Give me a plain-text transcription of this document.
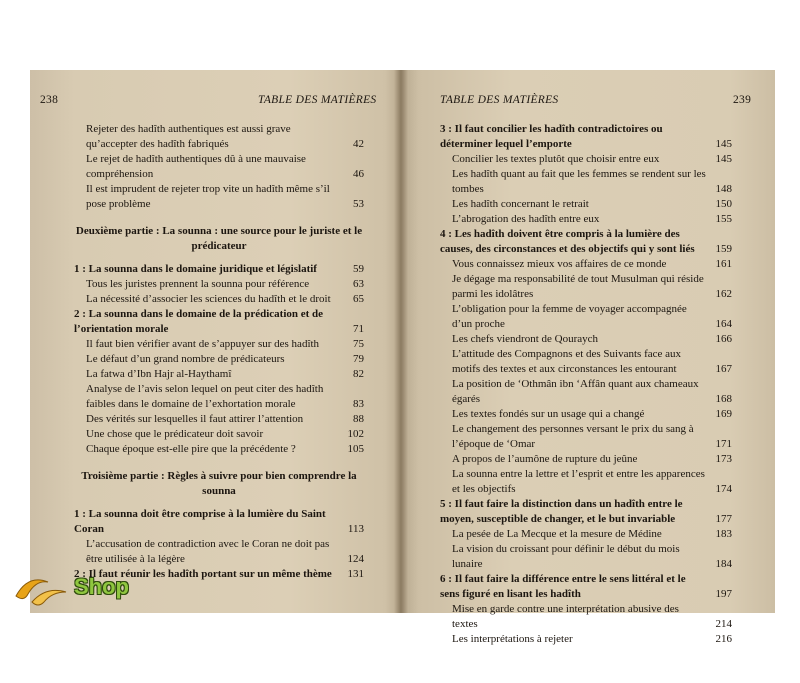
238	TABLE DES MATIÈRES
Rejeter des hadîth authentiques est aussi grave qu’accepter des hadîth fabriqués	42
Le rejet de hadîth authentiques dû à une mauvaise compréhension	46
Il est imprudent de rejeter trop vite un hadîth même s’il pose problème	53
Deuxième partie : La sounna : une source pour le juriste et le prédicateur
1 : La sounna dans le domaine juridique et législatif	59
Tous les juristes prennent la sounna pour référence	63
La nécessité d’associer les sciences du hadîth et le droit 65
2 : La sounna dans le domaine de la prédication et de l’orientation morale	71
Il faut bien vérifier avant de s’appuyer sur des hadîth	75
Le défaut d’un grand nombre de prédicateurs	79
La fatwa d’Ibn Hajr al-Haythamî	82
Analyse de l’avis selon lequel on peut citer des hadîth faibles dans le domaine de l’exhortation morale	83
Des vérités sur lesquelles il faut attirer l’attention	88
Une chose que le prédicateur doit savoir	102
Chaque époque est-elle pire que la précédente ?	105
Troisième partie : Règles à suivre pour bien comprendre la sounna
1 : La sounna doit être comprise à la lumière du Saint Coran	113
L’accusation de contradiction avec le Coran ne doit pas être utilisée à la légère	124
2 : Il faut réunir les hadîth portant sur un même thème 131
TABLE DES MATIÈRES	239
3 : Il faut concilier les hadîth contradictoires ou déterminer lequel l’emporte	145
Concilier les textes plutôt que choisir entre eux	145
Les hadîth quant au fait que les femmes se rendent sur les tombes	148
Les hadîth concernant le retrait	150
L’abrogation des hadîth entre eux	155
4 : Les hadîth doivent être compris à la lumière des causes, des circonstances et des objectifs qui y sont liés 159
Vous connaissez mieux vos affaires de ce monde	161
Je dégage ma responsabilité de tout Musulman qui réside parmi les idolâtres	162
L’obligation pour la femme de voyager accompagnée d’un proche	164
Les chefs viendront de Qouraych	166
L’attitude des Compagnons et des Suivants face aux motifs des textes et aux circonstances les entourant	167
La position de ‘Othmân ibn ‘Affân quant aux chameaux égarés	168
Les textes fondés sur un usage qui a changé	169
Le changement des personnes versant le prix du sang à l’époque de ‘Omar	171
A propos de l’aumône de rupture du jeûne	173
La sounna entre la lettre et l’esprit et entre les apparences et les objectifs	174
5 : Il faut faire la distinction dans un hadîth entre le moyen, susceptible de changer, et le but invariable	177
La pesée de La Mecque et la mesure de Médine	183
La vision du croissant pour définir le début du mois lunaire	184
6 : Il faut faire la différence entre le sens littéral et le sens figuré en lisant les hadîth	197
Mise en garde contre une interprétation abusive des textes	214
Les interprétations à rejeter	216
Shop
